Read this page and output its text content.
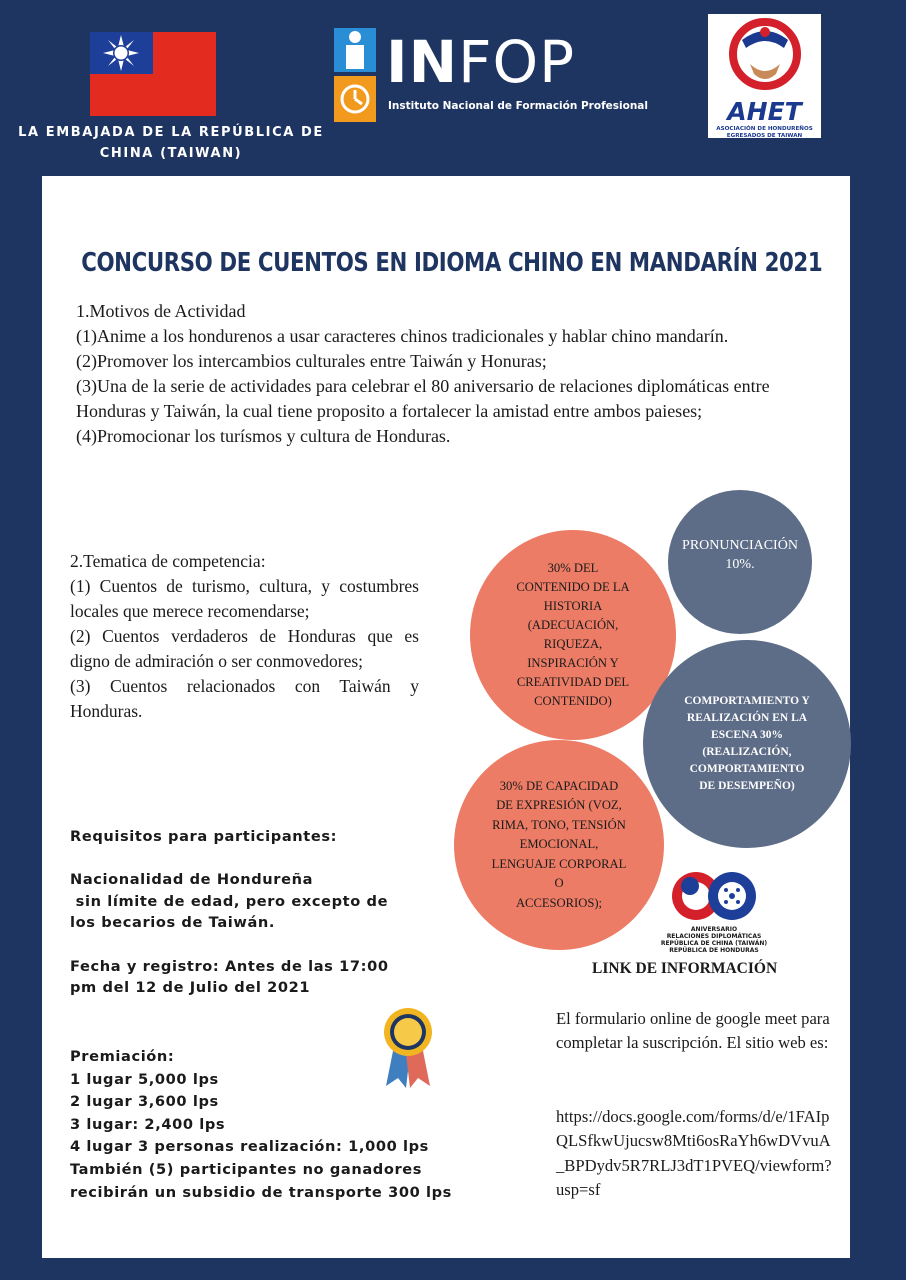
LA EMBAJADA DE LA REPÚBLICA DE
CHINA (TAIWAN)
INFOP
Instituto Nacional de Formación Profesional	AHET
ASOCIACIÓN DE HONDUREÑOS
EGRESADOS DE TAIWAN
CONCURSO DE CUENTOS EN IDIOMA CHINO EN MANDARÍN 2021

1.Motivos de Actividad

(1)Anime a los hondurenos a usar caracteres chinos tradicionales y hablar chino mandarín.

(2)Promover los intercambios culturales entre Taiwán y Honuras;

(3)Una de la serie de actividades para celebrar el 80 aniversario de relaciones diplomáticas entre

Honduras y Taiwán, la cual tiene proposito a fortalecer la amistad entre ambos paieses;

(4)Promocionar los turísmos y cultura de Honduras.

2.Tematica de competencia:

(1) Cuentos de turismo, cultura, y costumbres locales que merece recomendarse;

(2) Cuentos verdaderos de Honduras que es digno de admiración o ser conmovedores;

(3) Cuentos relacionados con Taiwán y Honduras.

Requisitos para participantes:
Nacionalidad de Hondureña
sin límite de edad, pero excepto de
los becarios de Taiwán.
Fecha y registro: Antes de las 17:00
pm del 12 de Julio del 2021
Premiación:
1 lugar 5,000 lps
2 lugar 3,600 lps
3 lugar: 2,400 lps
4 lugar 3 personas realización: 1,000 lps
También (5) participantes no ganadores
recibirán un subsidio de transporte 300 lps
PRONUNCIACIÓN
10%.
30% DEL
CONTENIDO DE LA
HISTORIA
(ADECUACIÓN,
RIQUEZA,
INSPIRACIÓN Y
CREATIVIDAD DEL
CONTENIDO)	COMPORTAMIENTO Y
REALIZACIÓN EN LA
ESCENA 30%
(REALIZACIÓN,
COMPORTAMIENTO
DE DESEMPEÑO)
30% DE CAPACIDAD
DE EXPRESIÓN (VOZ,
RIMA, TONO, TENSIÓN
EMOCIONAL,
LENGUAJE CORPORAL
O
ACCESORIOS);
ANIVERSARIO
RELACIONES DIPLOMÁTICAS
REPÚBLICA DE CHINA (TAIWÁN)
REPÚBLICA DE HONDURAS
LINK DE INFORMACIÓN
El formulario online de google meet para completar la suscripción. El sitio web es:
https://docs.google.com/forms/d/e/1FAIpQLSfkwUjucsw8Mti6osRaYh6wDVvuA_BPDydv5R7RLJ3dT1PVEQ/viewform?usp=sf
